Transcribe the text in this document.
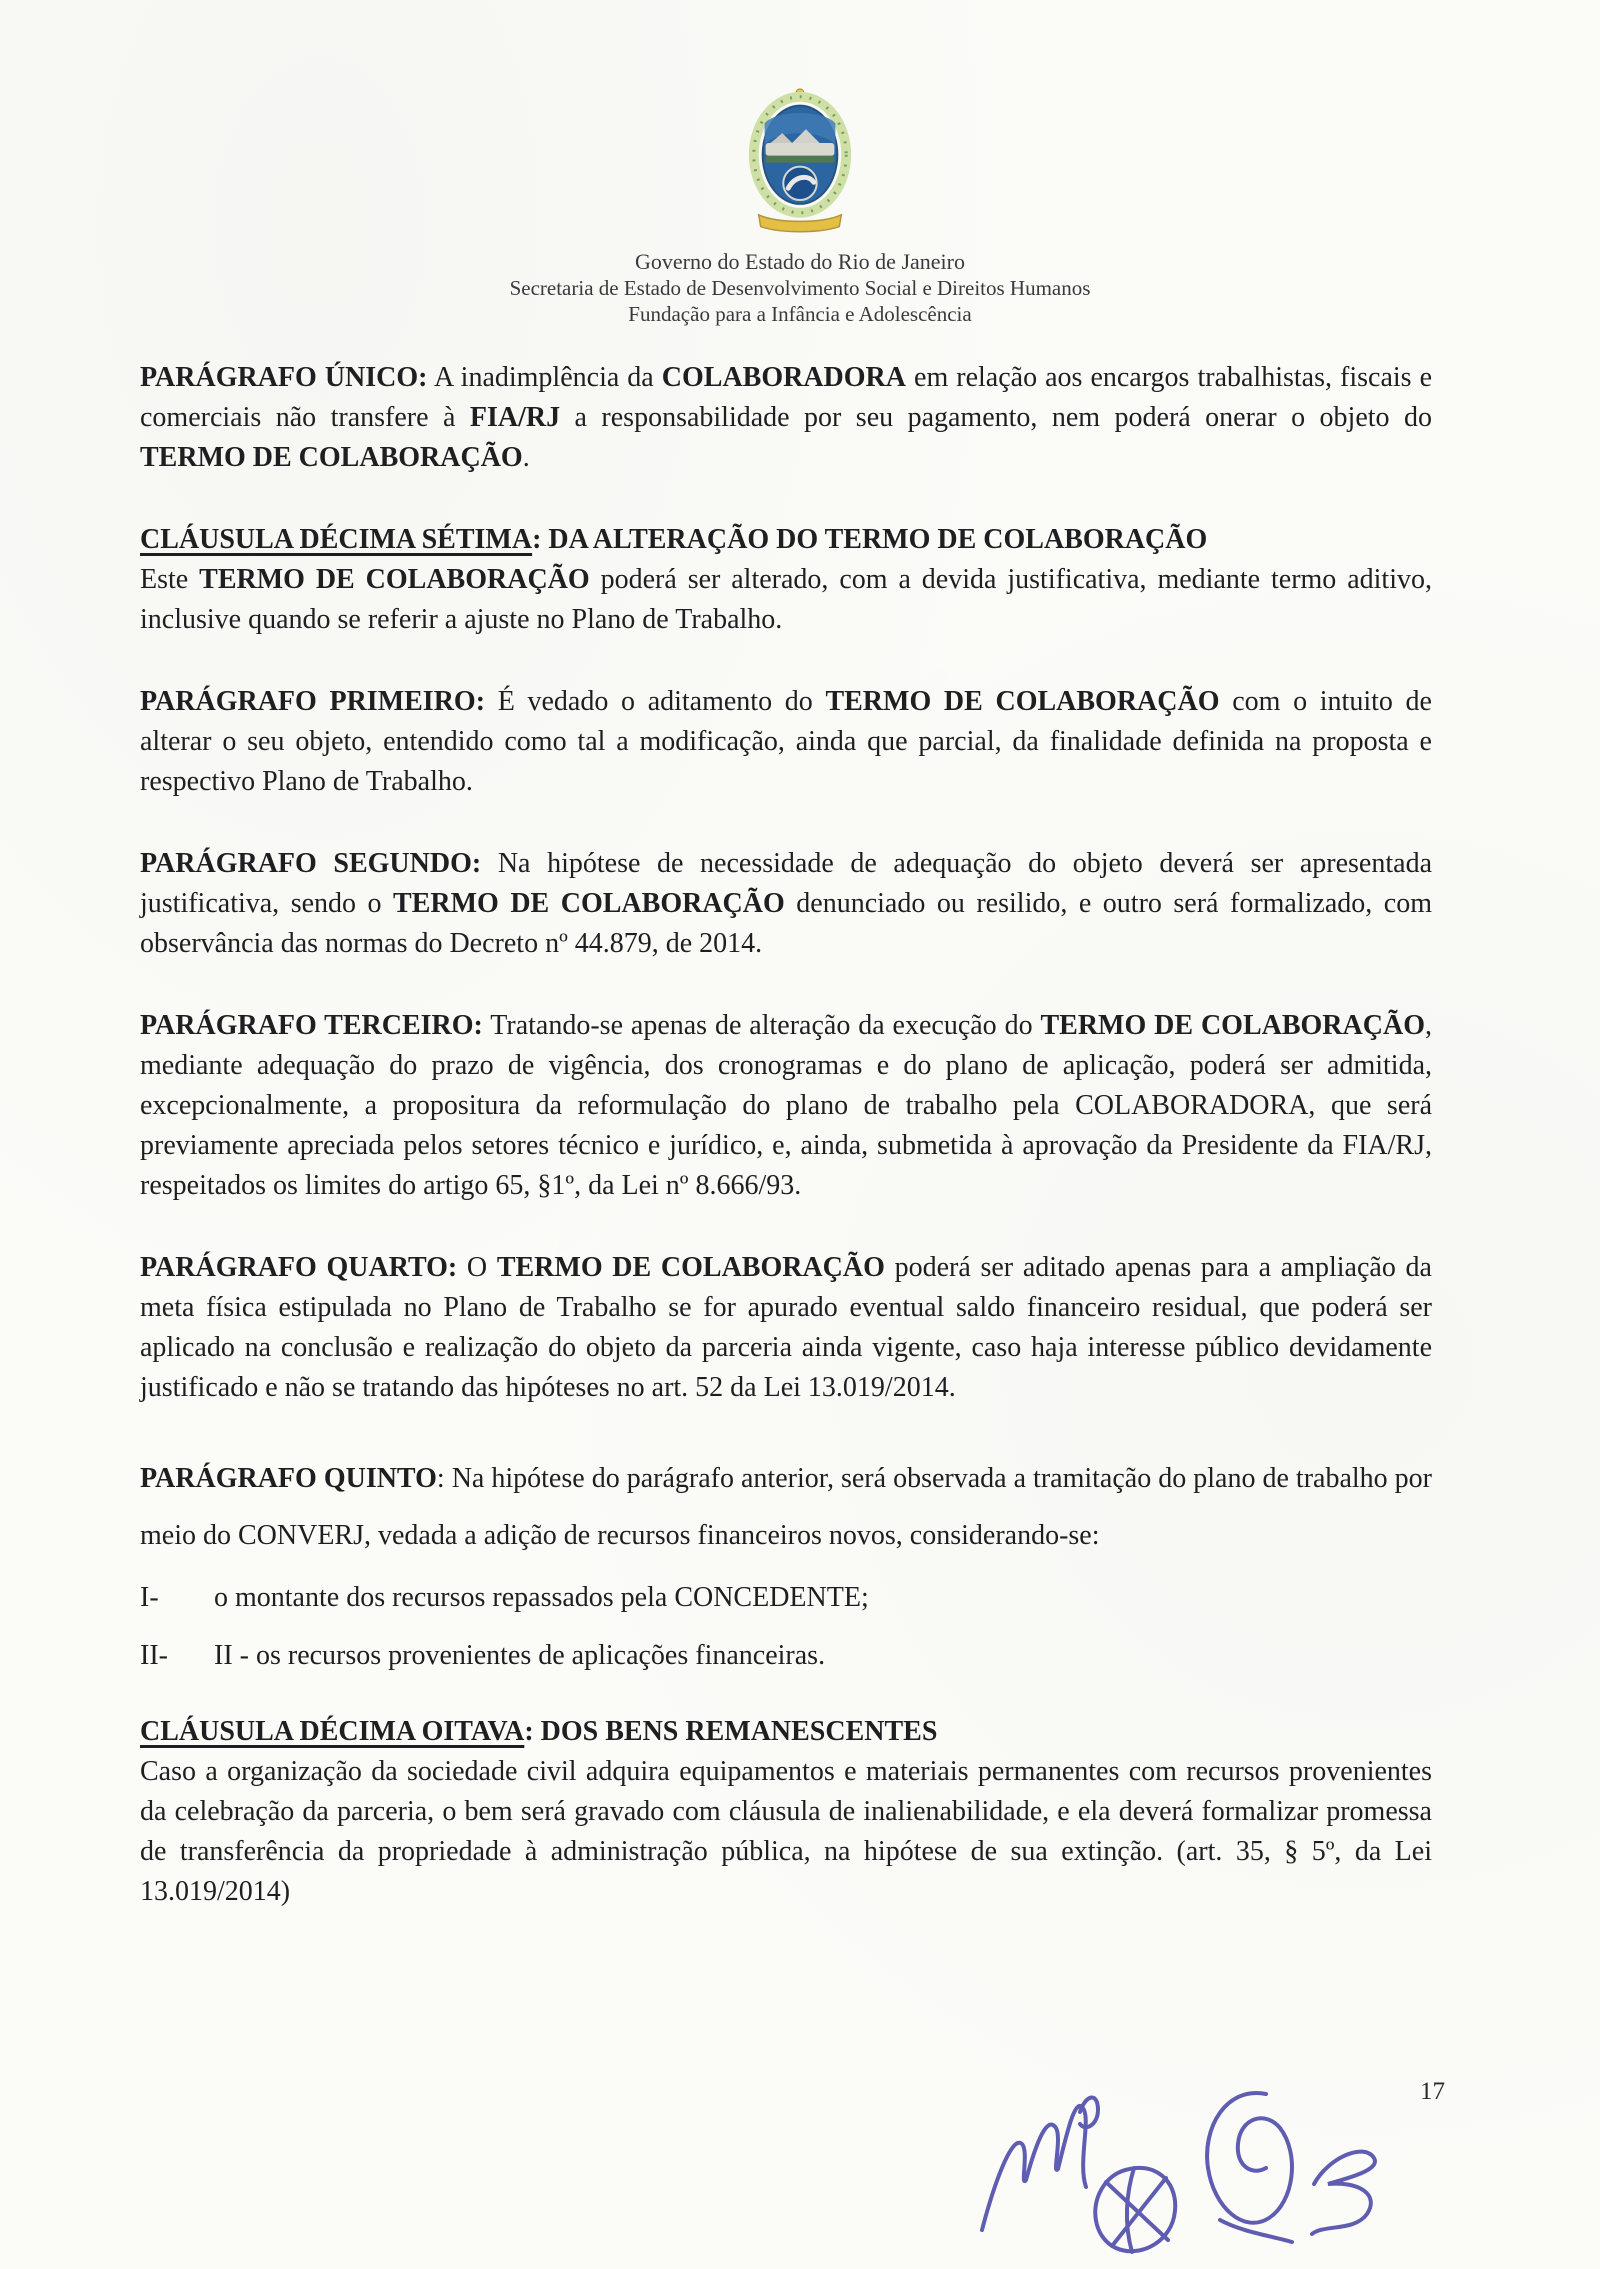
Governo do Estado do Rio de Janeiro
Secretaria de Estado de Desenvolvimento Social e Direitos Humanos
Fundação para a Infância e Adolescência

PARÁGRAFO ÚNICO: A inadimplência da COLABORADORA em relação aos encargos trabalhistas, fiscais e comerciais não transfere à FIA/RJ a responsabilidade por seu pagamento, nem poderá onerar o objeto do TERMO DE COLABORAÇÃO.

CLÁUSULA DÉCIMA SÉTIMA: DA ALTERAÇÃO DO TERMO DE COLABORAÇÃO

Este TERMO DE COLABORAÇÃO poderá ser alterado, com a devida justificativa, mediante termo aditivo, inclusive quando se referir a ajuste no Plano de Trabalho.

PARÁGRAFO PRIMEIRO: É vedado o aditamento do TERMO DE COLABORAÇÃO com o intuito de alterar o seu objeto, entendido como tal a modificação, ainda que parcial, da finalidade definida na proposta e respectivo Plano de Trabalho.

PARÁGRAFO SEGUNDO: Na hipótese de necessidade de adequação do objeto deverá ser apresentada justificativa, sendo o TERMO DE COLABORAÇÃO denunciado ou resilido, e outro será formalizado, com observância das normas do Decreto nº 44.879, de 2014.

PARÁGRAFO TERCEIRO: Tratando-se apenas de alteração da execução do TERMO DE COLABORAÇÃO, mediante adequação do prazo de vigência, dos cronogramas e do plano de aplicação, poderá ser admitida, excepcionalmente, a propositura da reformulação do plano de trabalho pela COLABORADORA, que será previamente apreciada pelos setores técnico e jurídico, e, ainda, submetida à aprovação da Presidente da FIA/RJ, respeitados os limites do artigo 65, §1º, da Lei nº 8.666/93.

PARÁGRAFO QUARTO: O TERMO DE COLABORAÇÃO poderá ser aditado apenas para a ampliação da meta física estipulada no Plano de Trabalho se for apurado eventual saldo financeiro residual, que poderá ser aplicado na conclusão e realização do objeto da parceria ainda vigente, caso haja interesse público devidamente justificado e não se tratando das hipóteses no art. 52 da Lei 13.019/2014.

PARÁGRAFO QUINTO: Na hipótese do parágrafo anterior, será observada a tramitação do plano de trabalho por meio do CONVERJ, vedada a adição de recursos financeiros novos, considerando-se:

I-	o montante dos recursos repassados pela CONCEDENTE;
II-	II - os recursos provenientes de aplicações financeiras.

CLÁUSULA DÉCIMA OITAVA: DOS BENS REMANESCENTES

Caso a organização da sociedade civil adquira equipamentos e materiais permanentes com recursos provenientes da celebração da parceria, o bem será gravado com cláusula de inalienabilidade, e ela deverá formalizar promessa de transferência da propriedade à administração pública, na hipótese de sua extinção. (art. 35, § 5º, da Lei 13.019/2014)

17
